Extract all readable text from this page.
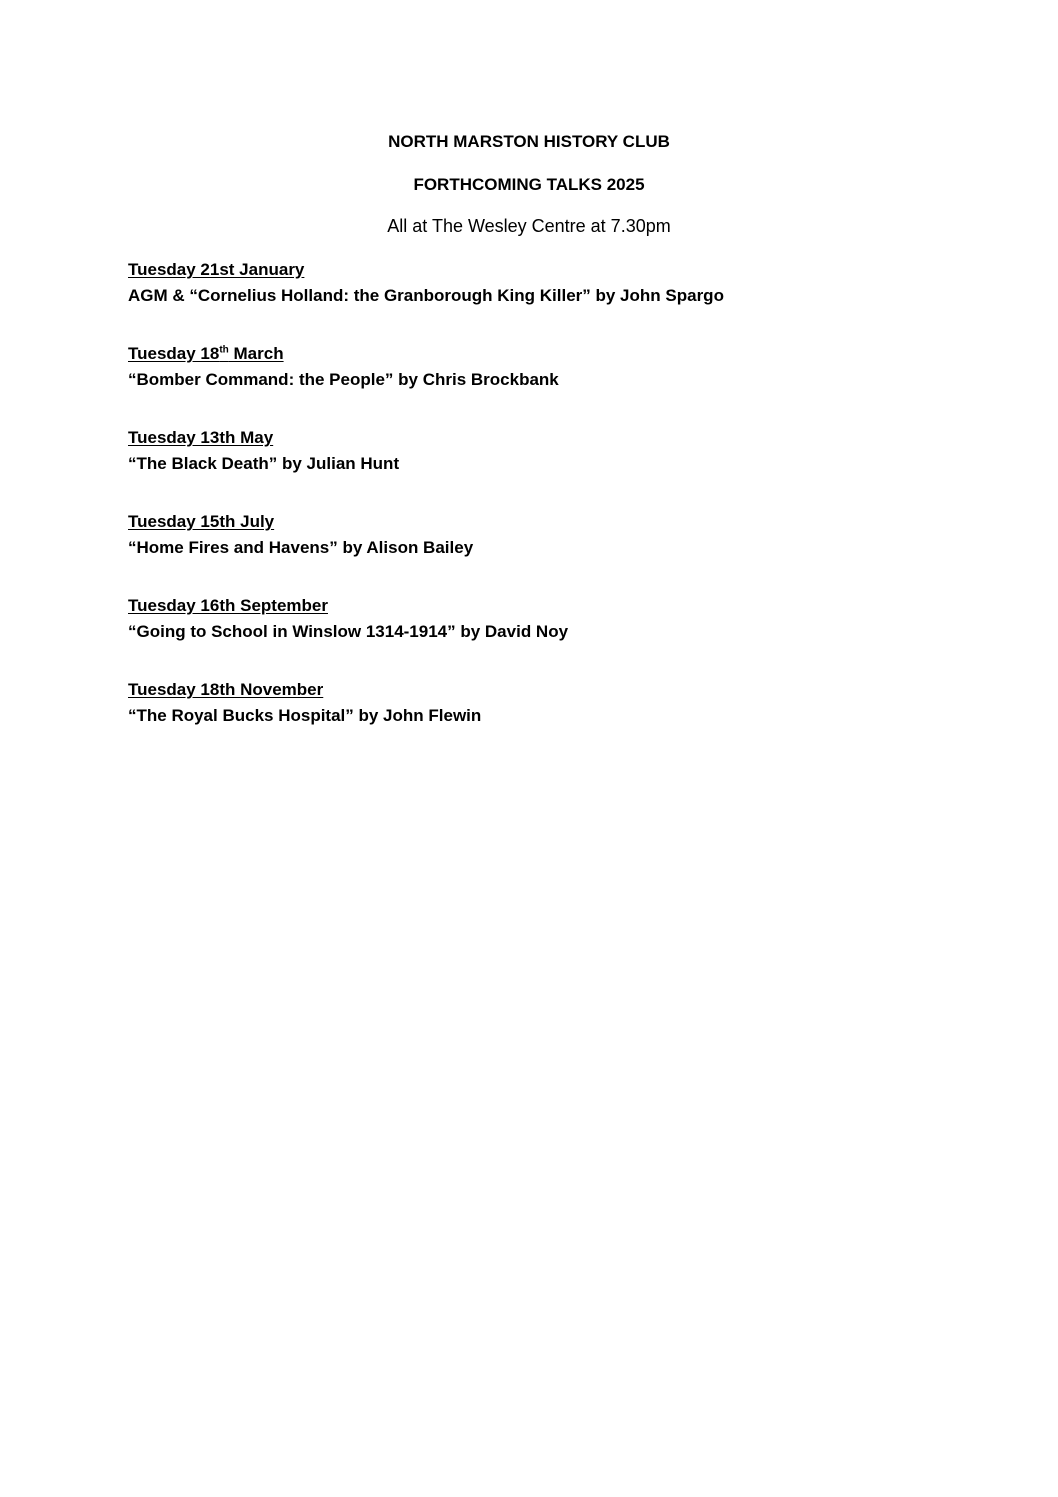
NORTH MARSTON HISTORY CLUB
FORTHCOMING TALKS 2025
All at The Wesley Centre at 7.30pm
Tuesday 21st January
AGM & “Cornelius Holland: the Granborough King Killer” by John Spargo
Tuesday 18th March
“Bomber Command: the People” by Chris Brockbank
Tuesday 13th May
“The Black Death” by Julian Hunt
Tuesday 15th July
“Home Fires and Havens” by Alison Bailey
Tuesday 16th September
“Going to School in Winslow 1314-1914” by David Noy
Tuesday 18th November
“The Royal Bucks Hospital” by John Flewin
